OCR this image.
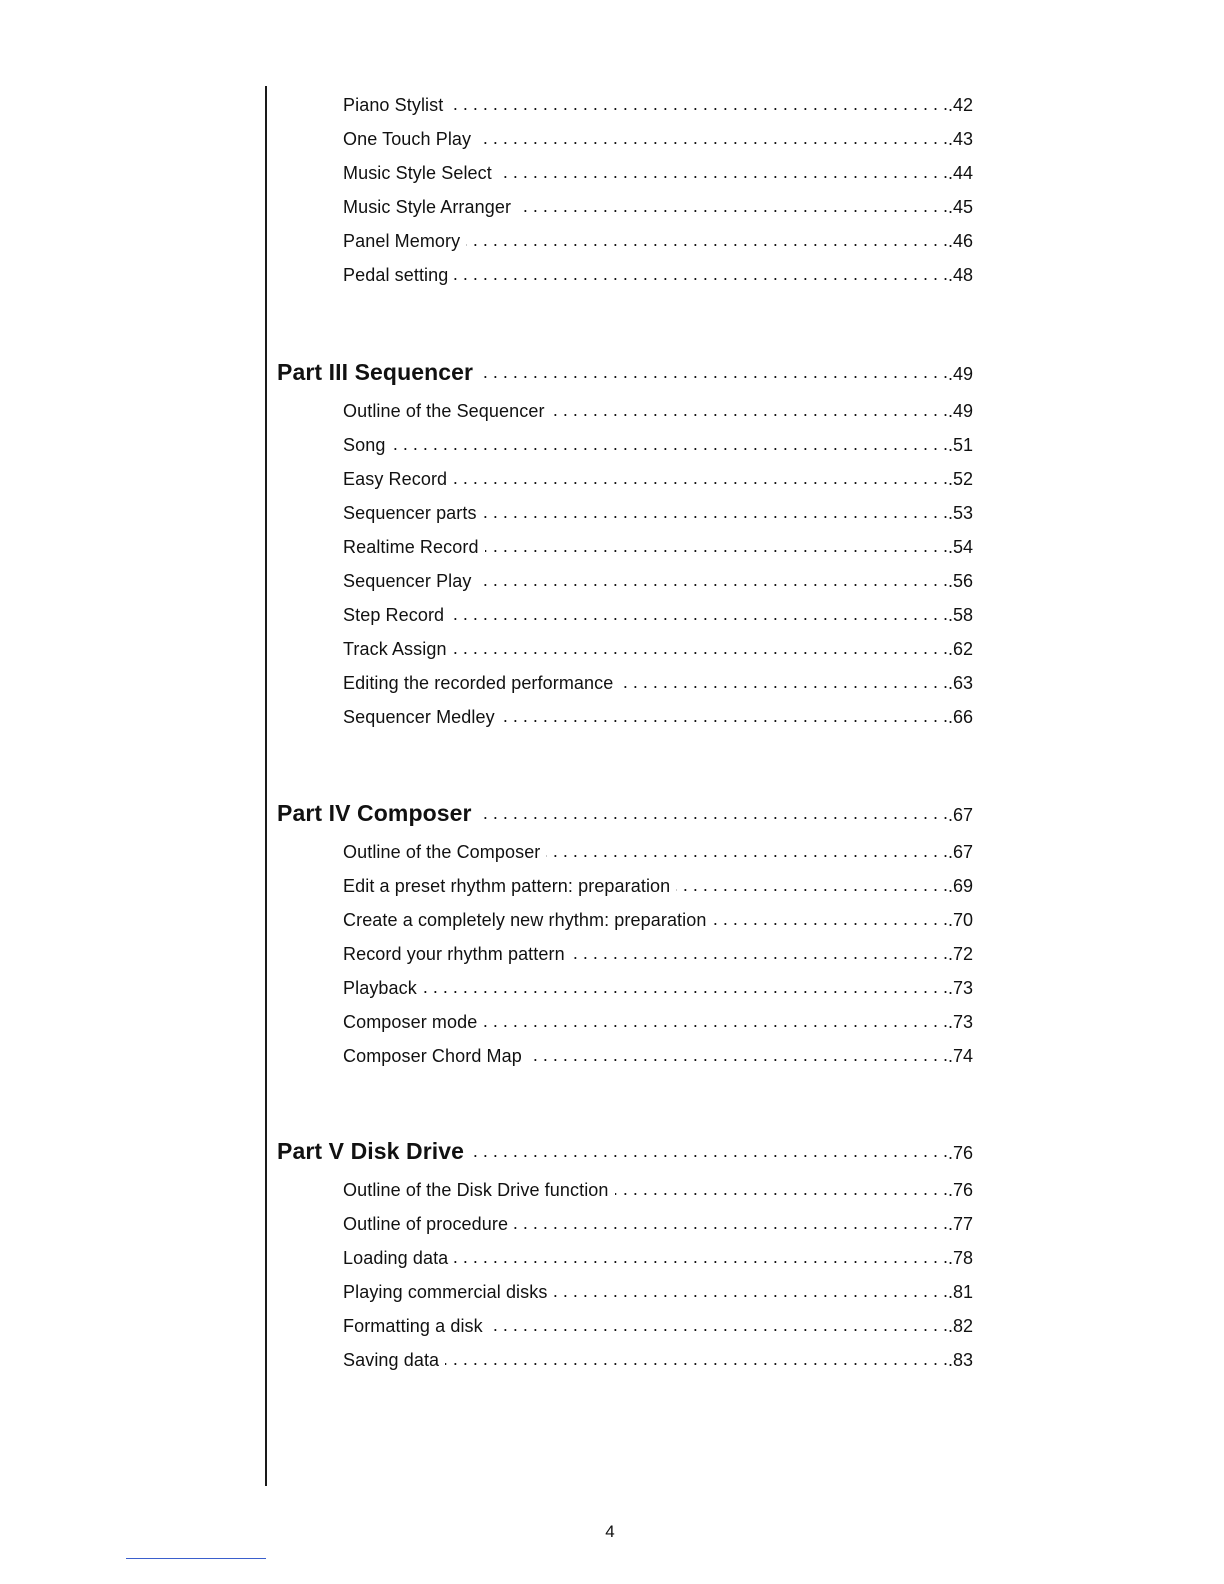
Piano Stylist . . .	.42
One Touch Play . . .	.43
Music Style Select . . .	.44
Music Style Arranger . . .	.45
Panel Memory . . .	.46
Pedal setting . . .	.48
Part III Sequencer . . .	.49
Outline of the Sequencer . . .	.49
Song . . .	.51
Easy Record . . .	.52
Sequencer parts . . .	.53
Realtime Record . . .	.54
Sequencer Play . . .	.56
Step Record . . .	.58
Track Assign . . .	.62
Editing the recorded performance . . .	.63
Sequencer Medley . . .	.66
Part IV Composer . . .	.67
Outline of the Composer . . .	.67
Edit a preset rhythm pattern: preparation . . .	.69
Create a completely new rhythm: preparation . . .	.70
Record your rhythm pattern . . .	.72
Playback . . .	.73
Composer mode . . .	.73
Composer Chord Map . . .	.74
Part V Disk Drive . . .	.76
Outline of the Disk Drive function . . .	.76
Outline of procedure . . .	.77
Loading data . . .	.78
Playing commercial disks . . .	.81
Formatting a disk . . .	.82
Saving data . . .	.83
4
